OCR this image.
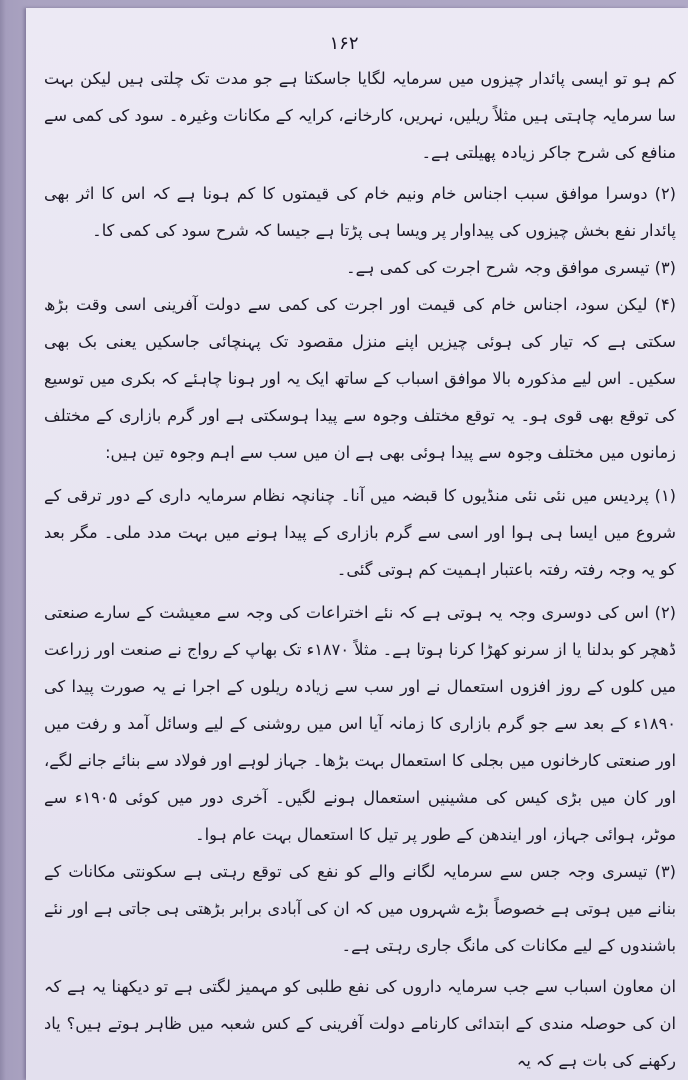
۱۶۲

کم ہو تو ایسی پائدار چیزوں میں سرمایہ لگایا جاسکتا ہے جو مدت تک چلتی ہیں لیکن بہت سا سرمایہ چاہتی ہیں مثلاً ریلیں، نہریں، کارخانے، کرایہ کے مکانات وغیرہ۔ سود کی کمی سے منافع کی شرح جاکر زیادہ پھیلتی ہے۔

(۲) دوسرا موافق سبب اجناس خام ونیم خام کی قیمتوں کا کم ہونا ہے کہ اس کا اثر بھی پائدار نفع بخش چیزوں کی پیداوار پر ویسا ہی پڑتا ہے جیسا کہ شرح سود کی کمی کا۔

(۳) تیسری موافق وجہ شرح اجرت کی کمی ہے۔

(۴) لیکن سود، اجناس خام کی قیمت اور اجرت کی کمی سے دولت آفرینی اسی وقت بڑھ سکتی ہے کہ تیار کی ہوئی چیزیں اپنے منزل مقصود تک پہنچائی جاسکیں یعنی بک بھی سکیں۔ اس لیے مذکورہ بالا موافق اسباب کے ساتھ ایک یہ اور ہونا چاہئے کہ بکری میں توسیع کی توقع بھی قوی ہو۔ یہ توقع مختلف وجوہ سے پیدا ہوسکتی ہے اور گرم بازاری کے مختلف زمانوں میں مختلف وجوہ سے پیدا ہوئی بھی ہے ان میں سب سے اہم وجوہ تین ہیں:

(۱) پردیس میں نئی نئی منڈیوں کا قبضہ میں آنا۔ چنانچہ نظام سرمایہ داری کے دور ترقی کے شروع میں ایسا ہی ہوا اور اسی سے گرم بازاری کے پیدا ہونے میں بہت مدد ملی۔ مگر بعد کو یہ وجہ رفتہ رفتہ باعتبار اہمیت کم ہوتی گئی۔

(۲) اس کی دوسری وجہ یہ ہوتی ہے کہ نئے اختراعات کی وجہ سے معیشت کے سارے صنعتی ڈھچر کو بدلنا یا از سرنو کھڑا کرنا ہوتا ہے۔ مثلاً ۱۸۷۰ء تک بھاپ کے رواج نے صنعت اور زراعت میں کلوں کے روز افزوں استعمال نے اور سب سے زیادہ ریلوں کے اجرا نے یہ صورت پیدا کی ۱۸۹۰ء کے بعد سے جو گرم بازاری کا زمانہ آیا اس میں روشنی کے لیے وسائل آمد و رفت میں اور صنعتی کارخانوں میں بجلی کا استعمال بہت بڑھا۔ جہاز لوہے اور فولاد سے بنائے جانے لگے، اور کان میں بڑی کیس کی مشینیں استعمال ہونے لگیں۔ آخری دور میں کوئی ۱۹۰۵ء سے موٹر، ہوائی جہاز، اور ایندھن کے طور پر تیل کا استعمال بہت عام ہوا۔

(۳) تیسری وجہ جس سے سرمایہ لگانے والے کو نفع کی توقع رہتی ہے سکونتی مکانات کے بنانے میں ہوتی ہے خصوصاً بڑے شہروں میں کہ ان کی آبادی برابر بڑھتی ہی جاتی ہے اور نئے باشندوں کے لیے مکانات کی مانگ جاری رہتی ہے۔

ان معاون اسباب سے جب سرمایہ داروں کی نفع طلبی کو مہمیز لگتی ہے تو دیکھنا یہ ہے کہ ان کی حوصلہ مندی کے ابتدائی کارنامے دولت آفرینی کے کس شعبہ میں ظاہر ہوتے ہیں؟ یاد رکھنے کی بات ہے کہ یہ
